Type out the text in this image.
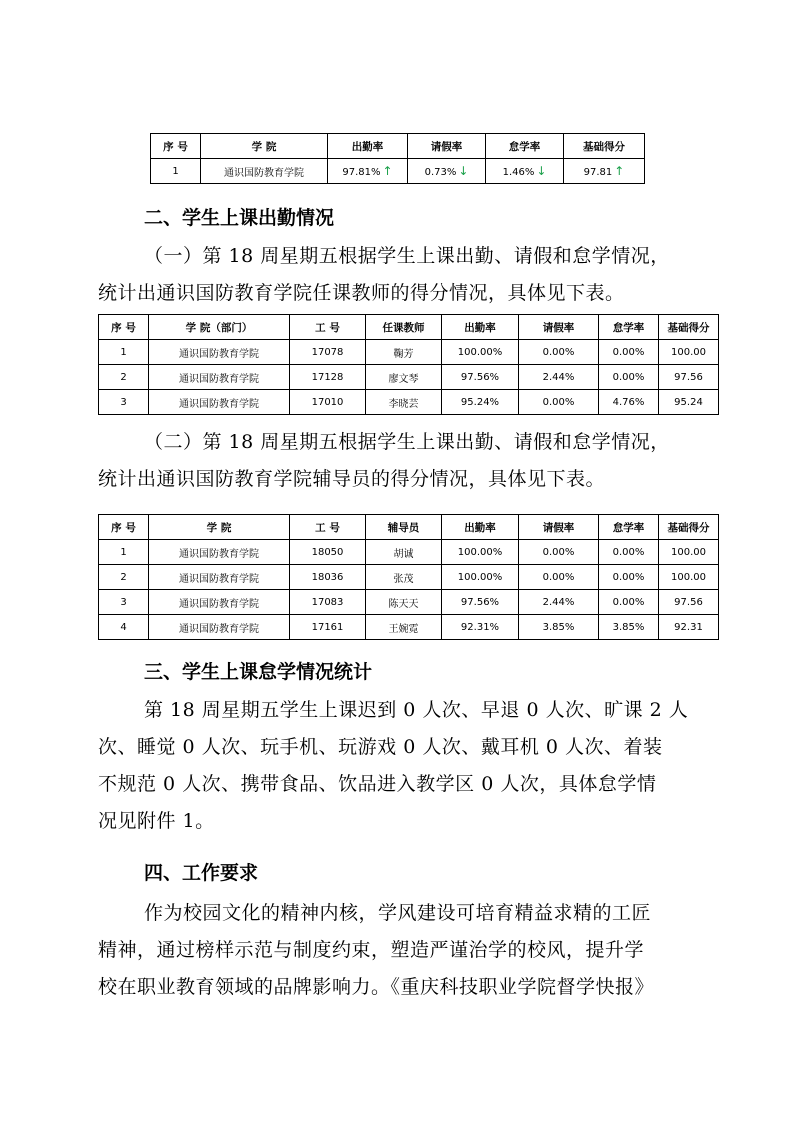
序 号	学 院	出勤率	请假率	怠学率	基础得分
1	通识国防教育学院	97.81% ↑	0.73% ↓	1.46% ↓	97.81 ↑
二、学生上课出勤情况
（一）第 18 周星期五根据学生上课出勤、请假和怠学情况，
统计出通识国防教育学院任课教师的得分情况，具体见下表。
序 号	学 院（部门）	工 号	任课教师	出勤率	请假率	怠学率	基础得分
1	通识国防教育学院	17078	鞠芳	100.00%	0.00%	0.00%	100.00
2	通识国防教育学院	17128	廖文琴	97.56%	2.44%	0.00%	97.56
3	通识国防教育学院	17010	李晓芸	95.24%	0.00%	4.76%	95.24
（二）第 18 周星期五根据学生上课出勤、请假和怠学情况，
统计出通识国防教育学院辅导员的得分情况，具体见下表。
序 号	学 院	工 号	辅导员	出勤率	请假率	怠学率	基础得分
1	通识国防教育学院	18050	胡诚	100.00%	0.00%	0.00%	100.00
2	通识国防教育学院	18036	张茂	100.00%	0.00%	0.00%	100.00
3	通识国防教育学院	17083	陈天天	97.56%	2.44%	0.00%	97.56
4	通识国防教育学院	17161	王婉霓	92.31%	3.85%	3.85%	92.31
三、学生上课怠学情况统计
第 18 周星期五学生上课迟到 0 人次、早退 0 人次、旷课 2 人
次、睡觉 0 人次、玩手机、玩游戏 0 人次、戴耳机 0 人次、着装
不规范 0 人次、携带食品、饮品进入教学区 0 人次，具体怠学情
况见附件 1。
四、工作要求
作为校园文化的精神内核，学风建设可培育精益求精的工匠
精神，通过榜样示范与制度约束，塑造严谨治学的校风，提升学
校在职业教育领域的品牌影响力。《重庆科技职业学院督学快报》
